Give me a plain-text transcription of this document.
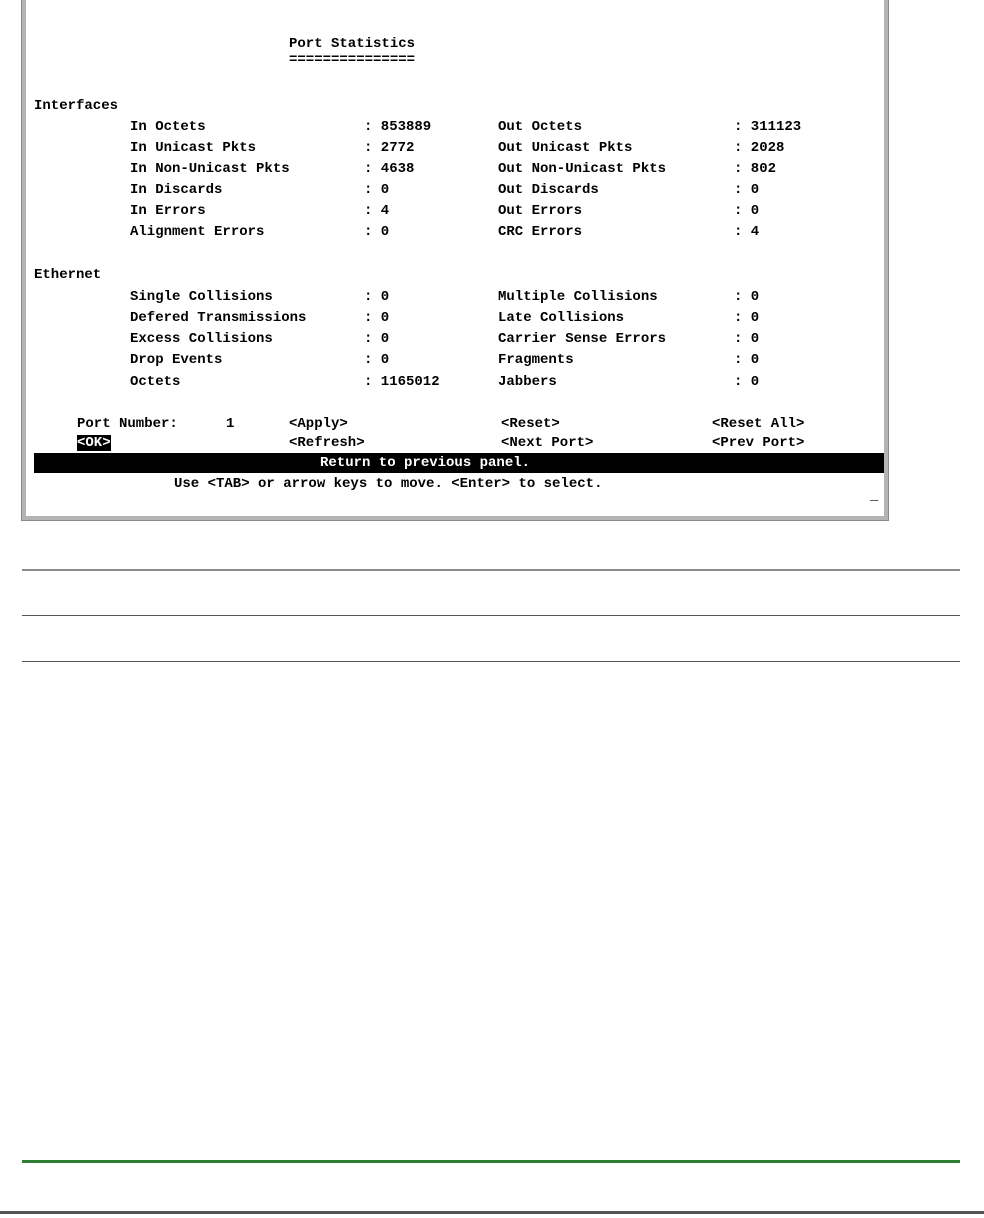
Port Statistics
===============
Interfaces
In Octets	: 853889	Out Octets	: 311123
In Unicast Pkts	: 2772	Out Unicast Pkts	: 2028
In Non-Unicast Pkts	: 4638	Out Non-Unicast Pkts	: 802
In Discards	: 0	Out Discards	: 0
In Errors	: 4	Out Errors	: 0
Alignment Errors	: 0	CRC Errors	: 4
Ethernet
Single Collisions	: 0	Multiple Collisions	: 0
Defered Transmissions	: 0	Late Collisions	: 0
Excess Collisions	: 0	Carrier Sense Errors	: 0
Drop Events	: 0	Fragments	: 0
Octets	: 1165012	Jabbers	: 0
Port Number:	1	<Apply>	<Reset>	<Reset All>
<OK>	<Refresh>	<Next Port>	<Prev Port>
Return to previous panel.
Use <TAB> or arrow keys to move. <Enter> to select.
_
